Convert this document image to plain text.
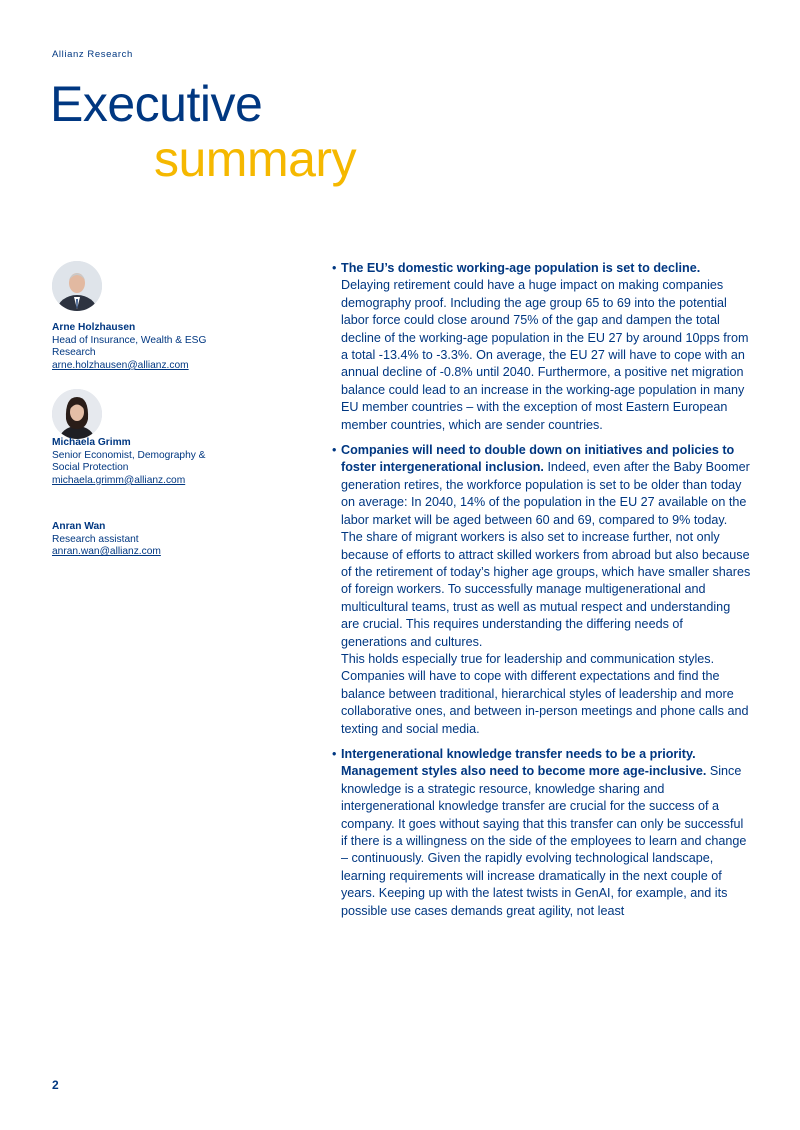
Allianz Research
Executive
summary
Arne Holzhausen
Head of Insurance, Wealth & ESG Research
arne.holzhausen@allianz.com
Michaela Grimm
Senior Economist, Demography & Social Protection
michaela.grimm@allianz.com
Anran Wan
Research assistant
anran.wan@allianz.com
• The EU’s domestic working-age population is set to decline. Delaying retirement could have a huge impact on making companies demography proof. Including the age group 65 to 69 into the potential labor force could close around 75% of the gap and dampen the total decline of the working-age population in the EU 27 by around 10pps from a total -13.4% to -3.3%. On average, the EU 27 will have to cope with an annual decline of -0.8% until 2040. Furthermore, a positive net migration balance could lead to an increase in the working-age population in many EU member countries – with the exception of most Eastern European member countries, which are sender countries.
• Companies will need to double down on initiatives and policies to foster intergenerational inclusion. Indeed, even after the Baby Boomer generation retires, the workforce population is set to be older than today on average: In 2040, 14% of the population in the EU 27 available on the labor market will be aged between 60 and 69, compared to 9% today. The share of migrant workers is also set to increase further, not only because of efforts to attract skilled workers from abroad but also because of the retirement of today’s higher age groups, which have smaller shares of foreign workers. To successfully manage multigenerational and multicultural teams, trust as well as mutual respect and understanding are crucial. This requires understanding the differing needs of generations and cultures.
This holds especially true for leadership and communication styles. Companies will have to cope with different expectations and find the balance between traditional, hierarchical styles of leadership and more collaborative ones, and between in-person meetings and phone calls and texting and social media.
• Intergenerational knowledge transfer needs to be a priority. Management styles also need to become more age-inclusive. Since knowledge is a strategic resource, knowledge sharing and intergenerational knowledge transfer are crucial for the success of a company. It goes without saying that this transfer can only be successful if there is a willingness on the side of the employees to learn and change – continuously. Given the rapidly evolving technological landscape, learning requirements will increase dramatically in the next couple of years. Keeping up with the latest twists in GenAI, for example, and its possible use cases demands great agility, not least
2
